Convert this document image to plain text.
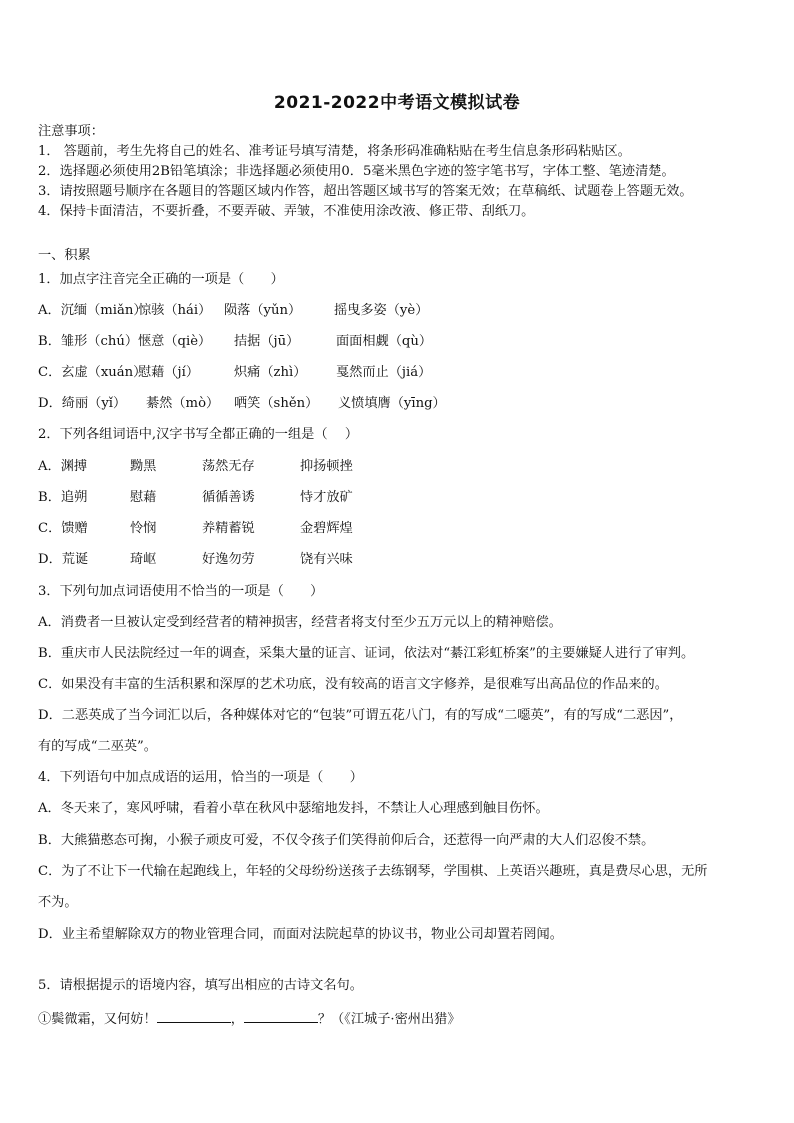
2021-2022中考语文模拟试卷
注意事项：
1． 答题前，考生先将自己的姓名、准考证号填写清楚，将条形码准确粘贴在考生信息条形码粘贴区。
2．选择题必须使用2B铅笔填涂；非选择题必须使用0．5毫米黑色字迹的签字笔书写，字体工整、笔迹清楚。
3．请按照题号顺序在各题目的答题区域内作答，超出答题区域书写的答案无效；在草稿纸、试题卷上答题无效。
4．保持卡面清洁，不要折叠，不要弄破、弄皱，不准使用涂改液、修正带、刮纸刀。
一、积累
1．加点字注音完全正确的一项是（　　）
A．沉缅（miǎn）惊骇（hái） 陨落（yǔn） 摇曳多姿（yè）
B．雏形（chú）惬意（qiè） 拮据（jū）	面面相觑（qù）
C．玄虚（xuán）慰藉（jí）	炽痛（zhì） 戛然而止（jiá）
D．绮丽（yǐ） 綦然（mò） 哂笑（shěn） 义愤填膺（yīng）
2．下列各组词语中,汉字书写全都正确的一组是（　 ）
A．渊搏	黝黑	荡然无存	抑扬顿挫
B．追朔	慰藉	循循善诱	恃才放矿
C．馈赠	怜悯	养精蓄锐	金碧辉煌
D．荒诞	琦岖	好逸勿劳	饶有兴味
3．下列句加点词语使用不恰当的一项是（　　）
A．消费者一旦被认定受到经营者的精神损害，经营者将支付至少五万元以上的精神赔偿。
B．重庆市人民法院经过一年的调查，采集大量的证言、证词，依法对“綦江彩虹桥案”的主要嫌疑人进行了审判。
C．如果没有丰富的生活积累和深厚的艺术功底，没有较高的语言文字修养，是很难写出高品位的作品来的。
D．二恶英成了当今词汇以后，各种媒体对它的“包装”可谓五花八门，有的写成“二噁英”，有的写成“二恶因”，
有的写成“二巫英”。
4．下列语句中加点成语的运用，恰当的一项是（　　）
A．冬天来了，寒风呼啸，看着小草在秋风中瑟缩地发抖，不禁让人心理感到触目伤怀。
B．大熊猫憨态可掬，小猴子顽皮可爱，不仅令孩子们笑得前仰后合，还惹得一向严肃的大人们忍俊不禁。
C．为了不让下一代输在起跑线上，年轻的父母纷纷送孩子去练钢琴，学围棋、上英语兴趣班，真是费尽心思，无所
不为。
D．业主希望解除双方的物业管理合同，而面对法院起草的协议书，物业公司却置若罔闻。
5．请根据提示的语境内容，填写出相应的古诗文名句。
①鬓微霜，又何妨！	，	？（《江城子·密州出猎》
